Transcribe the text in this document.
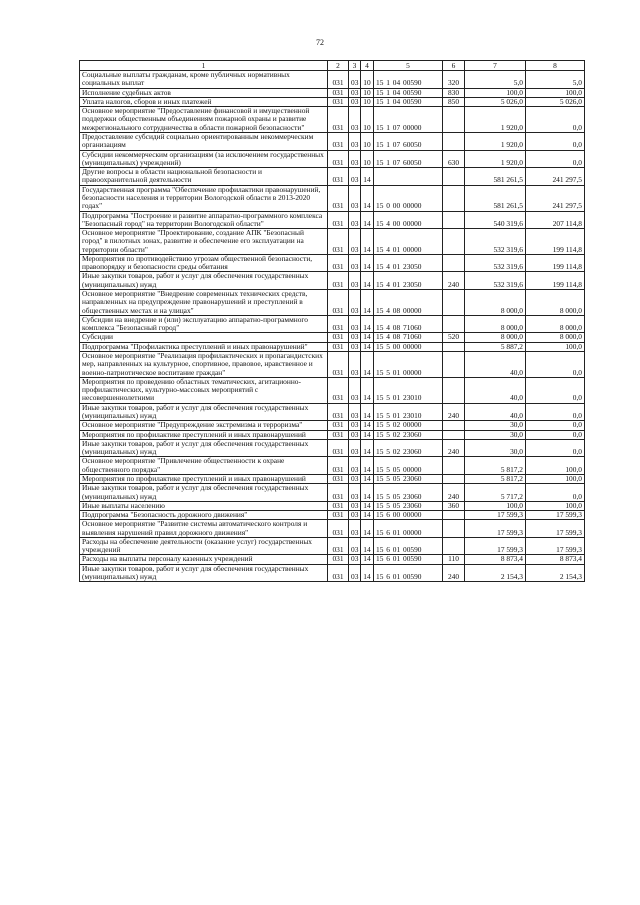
72
1	2	3	4	5	6	7	8
Социальные выплаты гражданам, кроме публичных нормативных социальных выплат	031	03	10	15 1 04 00590	320	5,0	5,0
Исполнение судебных актов	031	03	10	15 1 04 00590	830	100,0	100,0
Уплата налогов, сборов и иных платежей	031	03	10	15 1 04 00590	850	5 026,0	5 026,0
Основное мероприятие "Предоставление финансовой и имущественной поддержки общественным объединениям пожарной охраны и развитие межрегионального сотрудничества в области пожарной безопасности"	031	03	10	15 1 07 00000		1 920,0	0,0
Предоставление субсидий социально ориентированным некоммерческим организациям	031	03	10	15 1 07 60050		1 920,0	0,0
Субсидии некоммерческим организациям (за исключением государственных (муниципальных) учреждений)	031	03	10	15 1 07 60050	630	1 920,0	0,0
Другие вопросы в области национальной безопасности и правоохранительной деятельности	031	03	14			581 261,5	241 297,5
Государственная программа "Обеспечение профилактики правонарушений, безопасности населения и территории Вологодской области в 2013-2020 годах"	031	03	14	15 0 00 00000		581 261,5	241 297,5
Подпрограмма "Построение и развитие аппаратно-программного комплекса "Безопасный город" на территории Вологодской области"	031	03	14	15 4 00 00000		540 319,6	207 114,8
Основное мероприятие "Проектирование, создание АПК "Безопасный город" в пилотных зонах, развитие и обеспечение его эксплуатации на территории области"	031	03	14	15 4 01 00000		532 319,6	199 114,8
Мероприятия по противодействию угрозам общественной безопасности, правопорядку и безопасности среды обитания	031	03	14	15 4 01 23050		532 319,6	199 114,8
Иные закупки товаров, работ и услуг для обеспечения государственных (муниципальных) нужд	031	03	14	15 4 01 23050	240	532 319,6	199 114,8
Основное мероприятие "Внедрение современных технических средств, направленных на предупреждение правонарушений и преступлений в общественных местах и на улицах"	031	03	14	15 4 08 00000		8 000,0	8 000,0
Субсидии на внедрение и (или) эксплуатацию аппаратно-программного комплекса "Безопасный город"	031	03	14	15 4 08 71060		8 000,0	8 000,0
Субсидии	031	03	14	15 4 08 71060	520	8 000,0	8 000,0
Подпрограмма "Профилактика преступлений и иных правонарушений"	031	03	14	15 5 00 00000		5 887,2	100,0
Основное мероприятие "Реализация профилактических и пропагандистских мер, направленных на культурное, спортивное, правовое, нравственное и военно-патриотическое воспитание граждан"	031	03	14	15 5 01 00000		40,0	0,0
Мероприятия по проведению областных тематических, агитационно-профилактических, культурно-массовых мероприятий с несовершеннолетними	031	03	14	15 5 01 23010		40,0	0,0
Иные закупки товаров, работ и услуг для обеспечения государственных (муниципальных) нужд	031	03	14	15 5 01 23010	240	40,0	0,0
Основное мероприятие "Предупреждение экстремизма и терроризма"	031	03	14	15 5 02 00000		30,0	0,0
Мероприятия по профилактике преступлений и иных правонарушений	031	03	14	15 5 02 23060		30,0	0,0
Иные закупки товаров, работ и услуг для обеспечения государственных (муниципальных) нужд	031	03	14	15 5 02 23060	240	30,0	0,0
Основное мероприятие "Привлечение общественности к охране общественного порядка"	031	03	14	15 5 05 00000		5 817,2	100,0
Мероприятия по профилактике преступлений и иных правонарушений	031	03	14	15 5 05 23060		5 817,2	100,0
Иные закупки товаров, работ и услуг для обеспечения государственных (муниципальных) нужд	031	03	14	15 5 05 23060	240	5 717,2	0,0
Иные выплаты населению	031	03	14	15 5 05 23060	360	100,0	100,0
Подпрограмма "Безопасность дорожного движения"	031	03	14	15 6 00 00000		17 599,3	17 599,3
Основное мероприятие "Развитие системы автоматического контроля и выявления нарушений правил дорожного движения"	031	03	14	15 6 01 00000		17 599,3	17 599,3
Расходы на обеспечение деятельности (оказание услуг) государственных учреждений	031	03	14	15 6 01 00590		17 599,3	17 599,3
Расходы на выплаты персоналу казенных учреждений	031	03	14	15 6 01 00590	110	8 873,4	8 873,4
Иные закупки товаров, работ и услуг для обеспечения государственных (муниципальных) нужд	031	03	14	15 6 01 00590	240	2 154,3	2 154,3
